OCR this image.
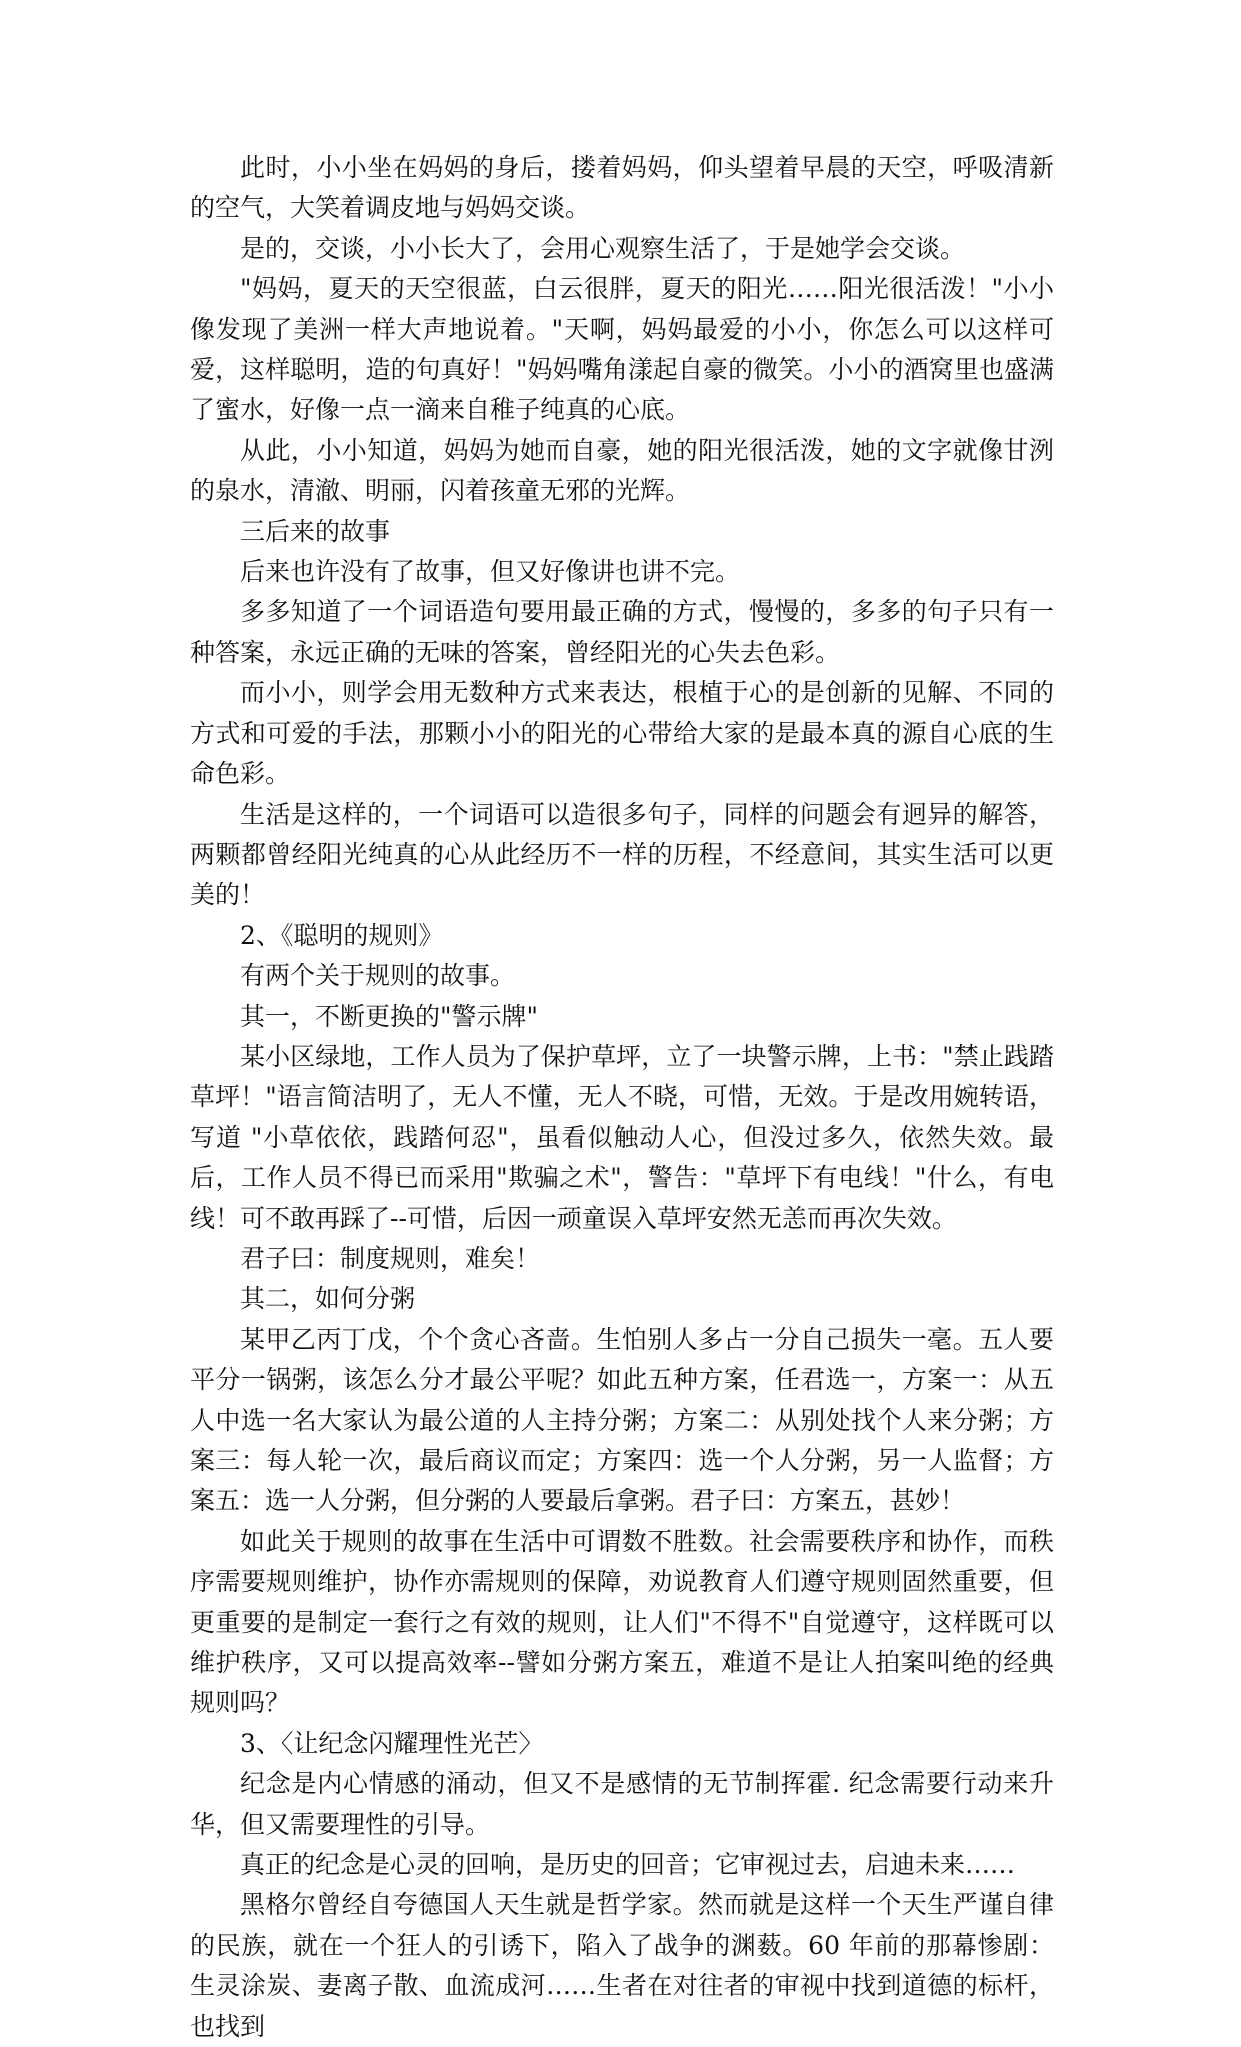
此时，小小坐在妈妈的身后，搂着妈妈，仰头望着早晨的天空，呼吸清新的空气，大笑着调皮地与妈妈交谈。

是的，交谈，小小长大了，会用心观察生活了，于是她学会交谈。

"妈妈，夏天的天空很蓝，白云很胖，夏天的阳光……阳光很活泼！"小小像发现了美洲一样大声地说着。"天啊，妈妈最爱的小小，你怎么可以这样可爱，这样聪明，造的句真好！"妈妈嘴角漾起自豪的微笑。小小的酒窝里也盛满了蜜水，好像一点一滴来自稚子纯真的心底。

从此，小小知道，妈妈为她而自豪，她的阳光很活泼，她的文字就像甘洌的泉水，清澈、明丽，闪着孩童无邪的光辉。

三后来的故事

后来也许没有了故事，但又好像讲也讲不完。

多多知道了一个词语造句要用最正确的方式，慢慢的，多多的句子只有一种答案，永远正确的无味的答案，曾经阳光的心失去色彩。

而小小，则学会用无数种方式来表达，根植于心的是创新的见解、不同的方式和可爱的手法，那颗小小的阳光的心带给大家的是最本真的源自心底的生命色彩。

生活是这样的，一个词语可以造很多句子，同样的问题会有迥异的解答，两颗都曾经阳光纯真的心从此经历不一样的历程，不经意间，其实生活可以更美的！

2、《聪明的规则》

有两个关于规则的故事。

其一，不断更换的"警示牌"

某小区绿地，工作人员为了保护草坪，立了一块警示牌，上书："禁止践踏草坪！"语言简洁明了，无人不懂，无人不晓，可惜，无效。于是改用婉转语，写道 "小草依依，践踏何忍"，虽看似触动人心，但没过多久，依然失效。最后，工作人员不得已而采用"欺骗之术"，警告："草坪下有电线！"什么，有电线！可不敢再踩了--可惜，后因一顽童误入草坪安然无恙而再次失效。

君子曰：制度规则，难矣！

其二，如何分粥

某甲乙丙丁戊，个个贪心吝啬。生怕别人多占一分自己损失一毫。五人要平分一锅粥，该怎么分才最公平呢？如此五种方案，任君选一，方案一：从五人中选一名大家认为最公道的人主持分粥；方案二：从别处找个人来分粥；方案三：每人轮一次，最后商议而定；方案四：选一个人分粥，另一人监督；方案五：选一人分粥，但分粥的人要最后拿粥。君子曰：方案五，甚妙！

如此关于规则的故事在生活中可谓数不胜数。社会需要秩序和协作，而秩序需要规则维护，协作亦需规则的保障，劝说教育人们遵守规则固然重要，但更重要的是制定一套行之有效的规则，让人们"不得不"自觉遵守，这样既可以维护秩序，又可以提高效率--譬如分粥方案五，难道不是让人拍案叫绝的经典规则吗？

3、〈让纪念闪耀理性光芒〉

纪念是内心情感的涌动，但又不是感情的无节制挥霍. 纪念需要行动来升华，但又需要理性的引导。

真正的纪念是心灵的回响，是历史的回音；它审视过去，启迪未来……

黑格尔曾经自夸德国人天生就是哲学家。然而就是这样一个天生严谨自律的民族，就在一个狂人的引诱下，陷入了战争的渊薮。60 年前的那幕惨剧：生灵涂炭、妻离子散、血流成河……生者在对往者的审视中找到道德的标杆，也找到
